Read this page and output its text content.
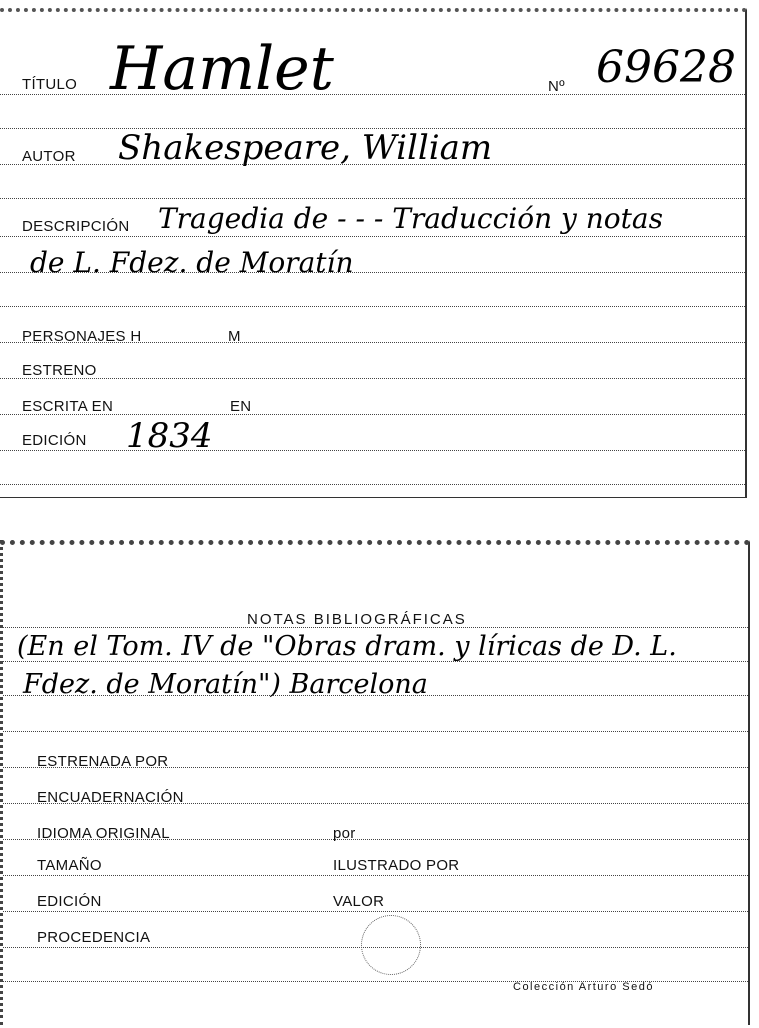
TÍTULO Hamlet	Nº 69628
AUTOR Shakespeare, William
DESCRIPCIÓN Tragedia de - - - Traducción y notas
de L. Fdez. de Moratín
PERSONAJES H	M
ESTRENO
ESCRITA EN	EN
EDICIÓN 1834
NOTAS BIBLIOGRÁFICAS
(En el Tom. IV de "Obras dram. y líricas de D. L.
Fdez. de Moratín") Barcelona
ESTRENADA POR
ENCUADERNACIÓN
IDIOMA ORIGINAL	por
TAMAÑO	ILUSTRADO POR
EDICIÓN	VALOR
PROCEDENCIA
Colección Arturo Sedó
